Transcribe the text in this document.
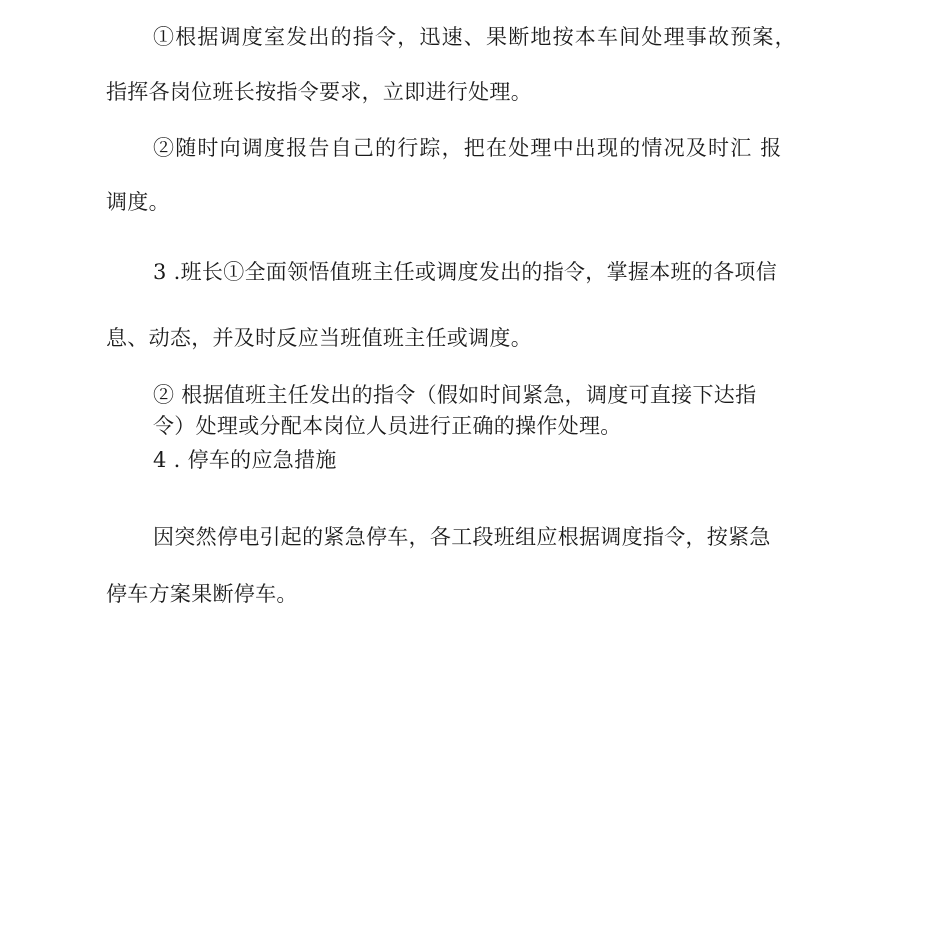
①根据调度室发出的指令，迅速、果断地按本车间处理事故预案，
指挥各岗位班长按指令要求，立即进行处理。
②随时向调度报告自己的行踪，把在处理中出现的情况及时汇 报
调度。
3 .班长①全面领悟值班主任或调度发出的指令，掌握本班的各项信
息、动态，并及时反应当班值班主任或调度。
② 根据值班主任发出的指令（假如时间紧急，调度可直接下达指
令）处理或分配本岗位人员进行正确的操作处理。
4 . 停车的应急措施
因突然停电引起的紧急停车，各工段班组应根据调度指令，按紧急
停车方案果断停车。
